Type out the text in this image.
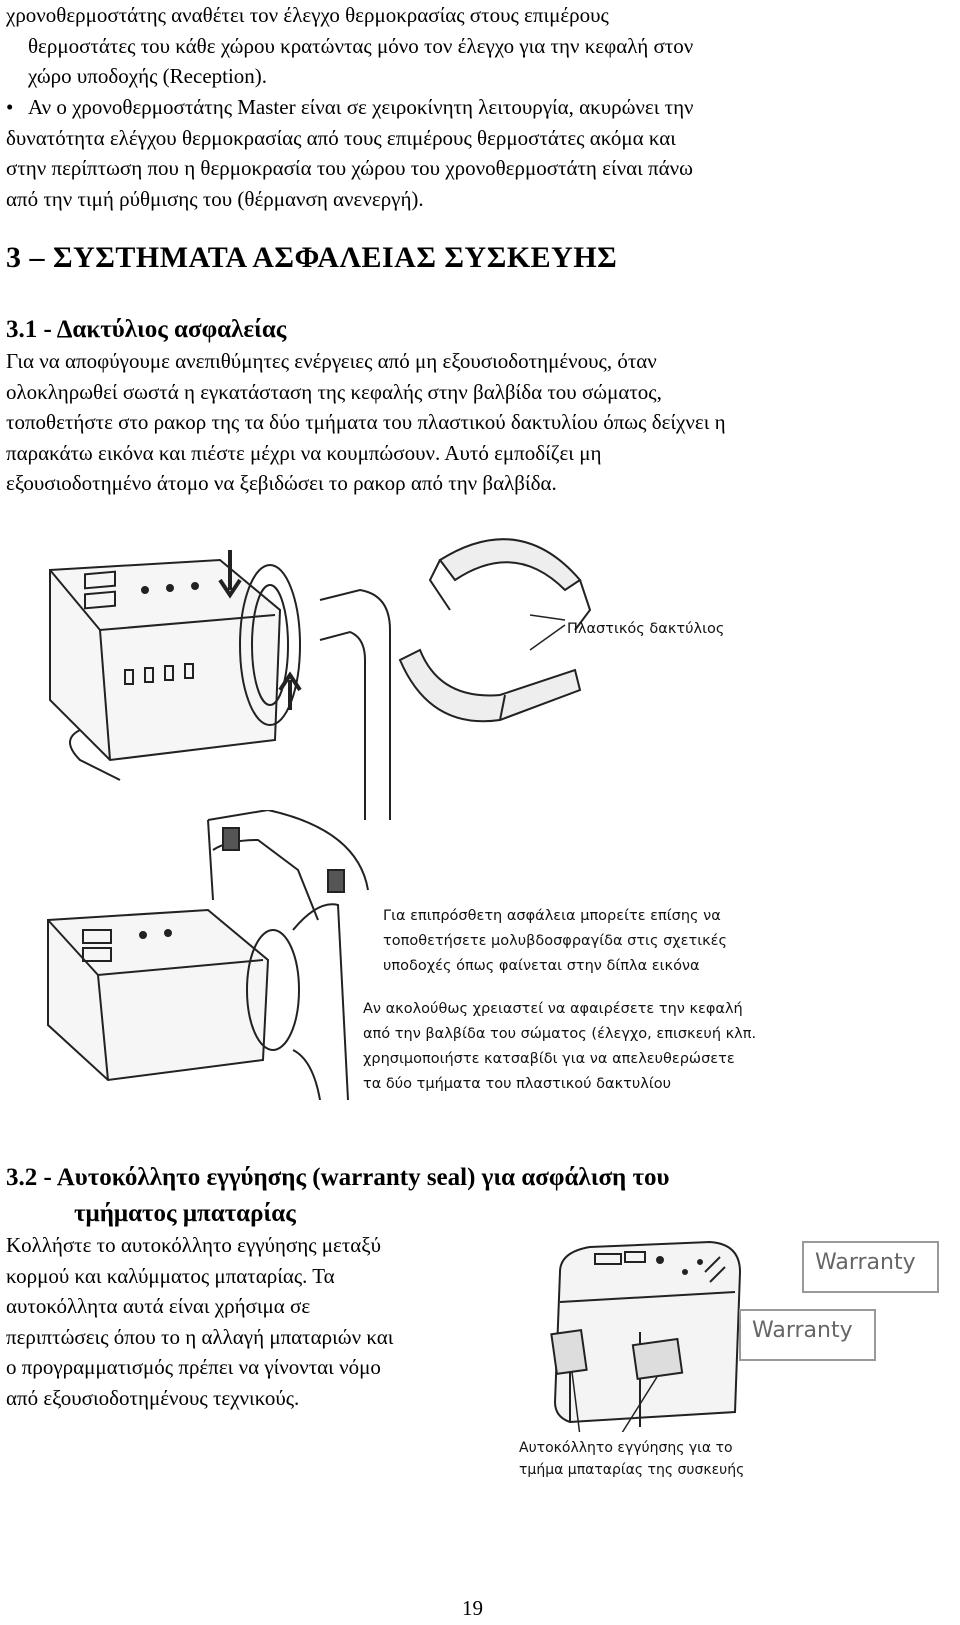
χρονοθερμοστάτης αναθέτει τον έλεγχο θερμοκρασίας στους επιμέρους
θερμοστάτες του κάθε χώρου κρατώντας μόνο τον έλεγχο για την κεφαλή στον
χώρο υποδοχής (Reception).
• Αν ο χρονοθερμοστάτης Master είναι σε χειροκίνητη λειτουργία, ακυρώνει την
δυνατότητα ελέγχου θερμοκρασίας από τους επιμέρους θερμοστάτες ακόμα και
στην περίπτωση που η θερμοκρασία του χώρου του χρονοθερμοστάτη είναι πάνω
από την τιμή ρύθμισης του (θέρμανση ανενεργή).
3 – ΣΥΣΤΗΜΑΤΑ ΑΣΦΑΛΕΙΑΣ ΣΥΣΚΕΥΗΣ
3.1 - Δακτύλιος ασφαλείας
Για να αποφύγουμε ανεπιθύμητες ενέργειες από μη εξουσιοδοτημένους, όταν
ολοκληρωθεί σωστά η εγκατάσταση της κεφαλής στην βαλβίδα του σώματος,
τοποθετήστε στο ρακορ της τα δύο τμήματα του πλαστικού δακτυλίου όπως δείχνει η
παρακάτω εικόνα και πιέστε μέχρι να κουμπώσουν. Αυτό εμποδίζει μη
εξουσιοδοτημένο άτομο να ξεβιδώσει το ρακορ από την βαλβίδα.
Πλαστικός δακτύλιος
Για επιπρόσθετη ασφάλεια μπορείτε επίσης να
τοποθετήσετε μολυβδοσφραγίδα στις σχετικές
υποδοχές όπως φαίνεται στην δίπλα εικόνα
Αν ακολούθως χρειαστεί να αφαιρέσετε την κεφαλή
από την βαλβίδα του σώματος (έλεγχο, επισκευή κλπ.
χρησιμοποιήστε κατσαβίδι για να απελευθερώσετε
τα δύο τμήματα του πλαστικού δακτυλίου
3.2 - Αυτοκόλλητο εγγύησης (warranty seal) για ασφάλιση του
τμήματος μπαταρίας
Κολλήστε το αυτοκόλλητο εγγύησης μεταξύ
κορμού και καλύμματος μπαταρίας. Τα
αυτοκόλλητα αυτά είναι χρήσιμα σε
περιπτώσεις όπου το η αλλαγή μπαταριών και
ο προγραμματισμός πρέπει να γίνονται νόμο
από εξουσιοδοτημένους τεχνικούς.
Warranty
Warranty
Αυτοκόλλητο εγγύησης για το
τμήμα μπαταρίας της συσκευής
19
